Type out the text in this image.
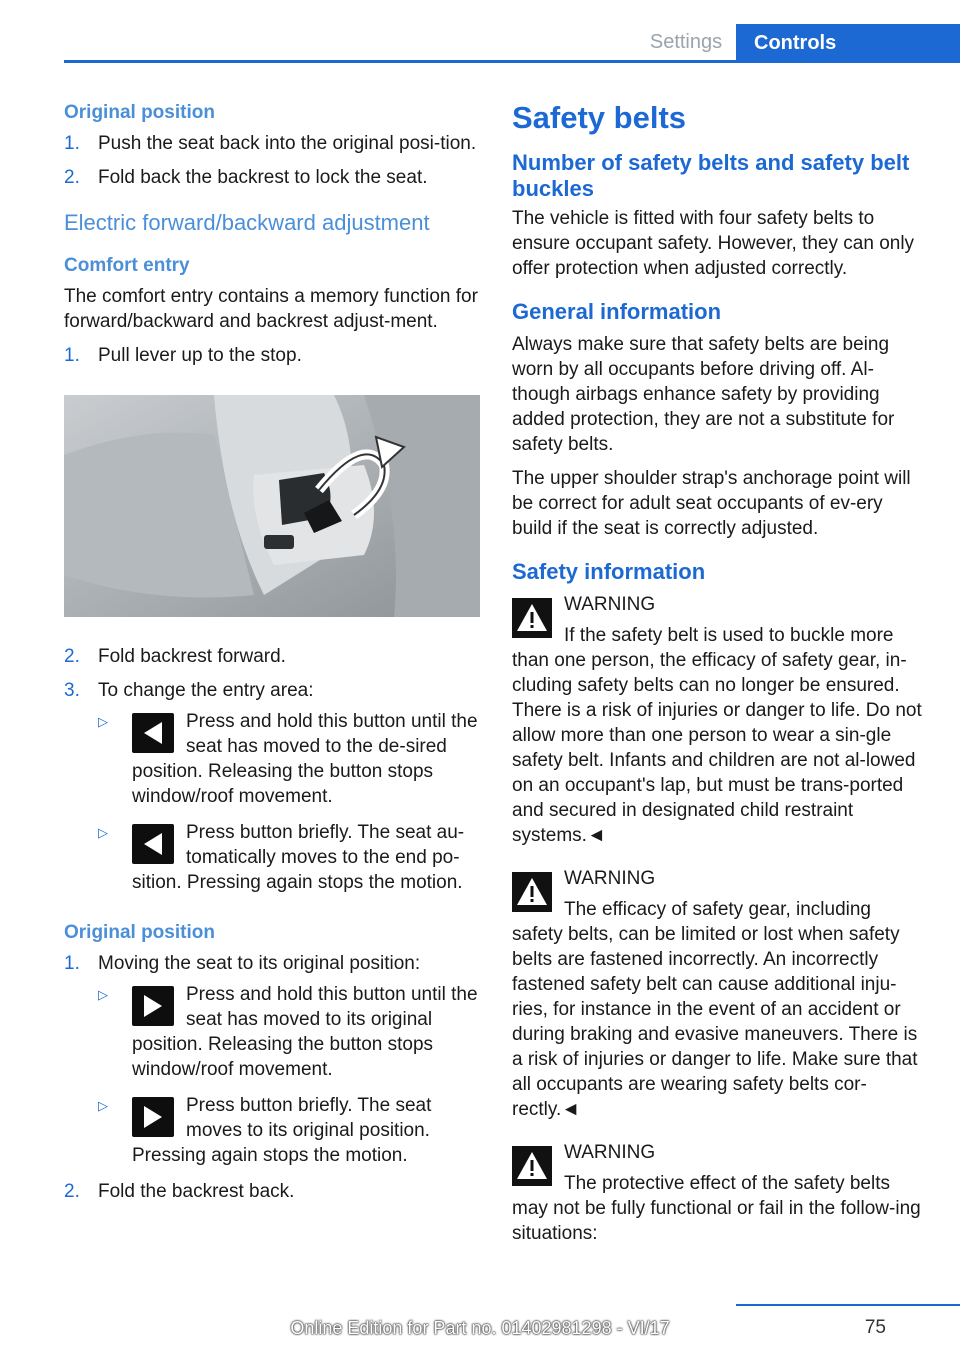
Settings	Controls
Original position
1. Push the seat back into the original posi-tion.
2. Fold back the backrest to lock the seat.
Electric forward/backward adjustment
Comfort entry

The comfort entry contains a memory function for forward/backward and backrest adjust-ment.

1. Pull lever up to the stop.
2. Fold backrest forward.
3. To change the entry area:
▷	Press and hold this button until the seat has moved to the de-sired position. Releasing the button stops window/roof movement.
▷	Press button briefly. The seat au-tomatically moves to the end po-sition. Pressing again stops the motion.
Original position
1. Moving the seat to its original position:
▷	Press and hold this button until the seat has moved to its original position. Releasing the button stops window/roof movement.
▷	Press button briefly. The seat moves to its original position. Pressing again stops the motion.
2. Fold the backrest back.
Safety belts
Number of safety belts and safety belt buckles

The vehicle is fitted with four safety belts to ensure occupant safety. However, they can only offer protection when adjusted correctly.

General information

Always make sure that safety belts are being worn by all occupants before driving off. Al-though airbags enhance safety by providing added protection, they are not a substitute for safety belts.

The upper shoulder strap's anchorage point will be correct for adult seat occupants of ev-ery build if the seat is correctly adjusted.

Safety information
WARNING
If the safety belt is used to buckle more than one person, the efficacy of safety gear, in-cluding safety belts can no longer be ensured. There is a risk of injuries or danger to life. Do not allow more than one person to wear a sin-gle safety belt. Infants and children are not al-lowed on an occupant's lap, but must be trans-ported and secured in designated child restraint systems.◄
WARNING
The efficacy of safety gear, including safety belts, can be limited or lost when safety belts are fastened incorrectly. An incorrectly fastened safety belt can cause additional inju-ries, for instance in the event of an accident or during braking and evasive maneuvers. There is a risk of injuries or danger to life. Make sure that all occupants are wearing safety belts cor-rectly.◄
WARNING
The protective effect of the safety belts may not be fully functional or fail in the follow-ing situations:
75
Online Edition for Part no. 01402981298 - VI/17
